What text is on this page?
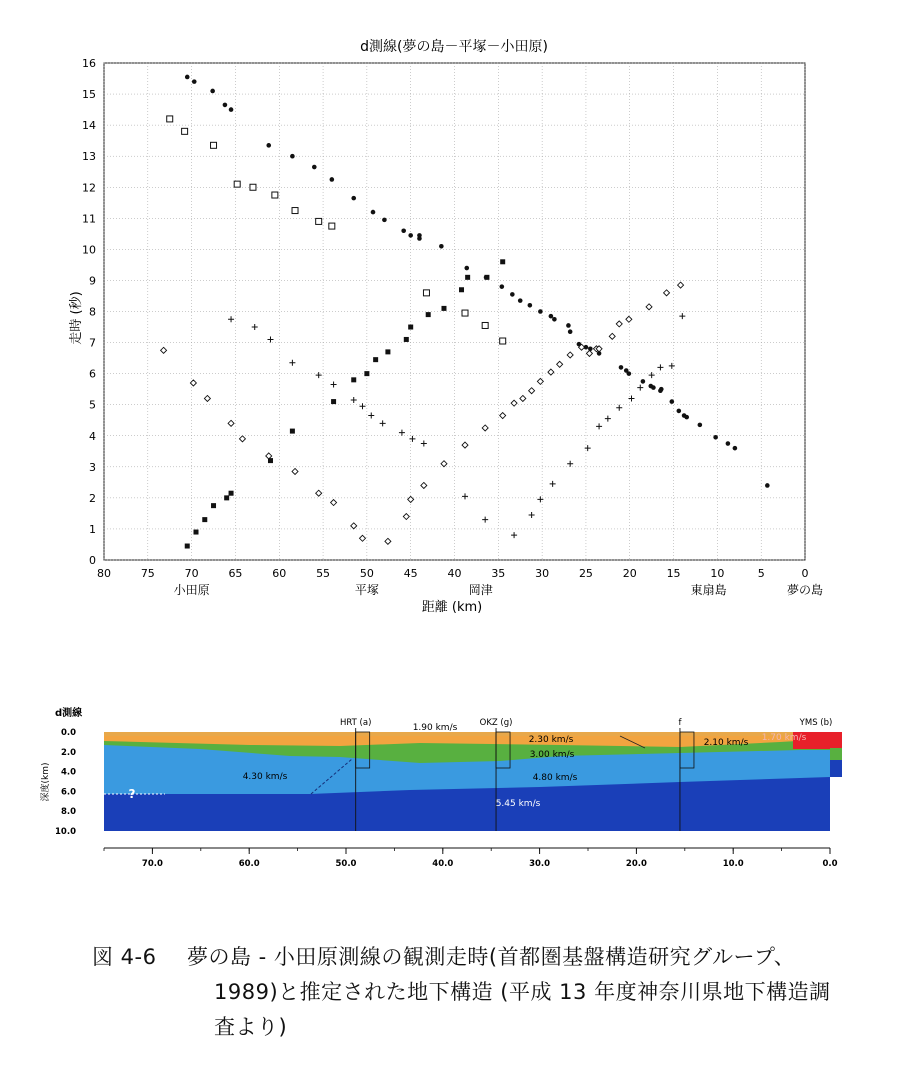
d測線(夢の島－平塚－小田原)
0
1
2
3
4
5
6
7
8
9
10
11
12
13
14
15
16
80	75	70	65	60	55	50	45	40	35	30	25	20	15	10	5	0
小田原	平塚	岡津	東扇島	夢の島
走時 (秒)
距離 (km)
d測線
HRT (a)	OKZ (g)	f	YMS (b)
0.0
2.0
4.0
6.0
8.0
10.0
深度(km)
1.90 km/s
1.70 km/s
2.30 km/s	2.10 km/s
3.00 km/s
4.30 km/s	4.80 km/s
5.45 km/s
?
70.0	60.0	50.0	40.0	30.0	20.0	10.0	0.0
図 4-6 夢の島 - 小田原測線の観測走時(首都圏基盤構造研究グループ、
1989)と推定された地下構造 (平成 13 年度神奈川県地下構造調
査より)
